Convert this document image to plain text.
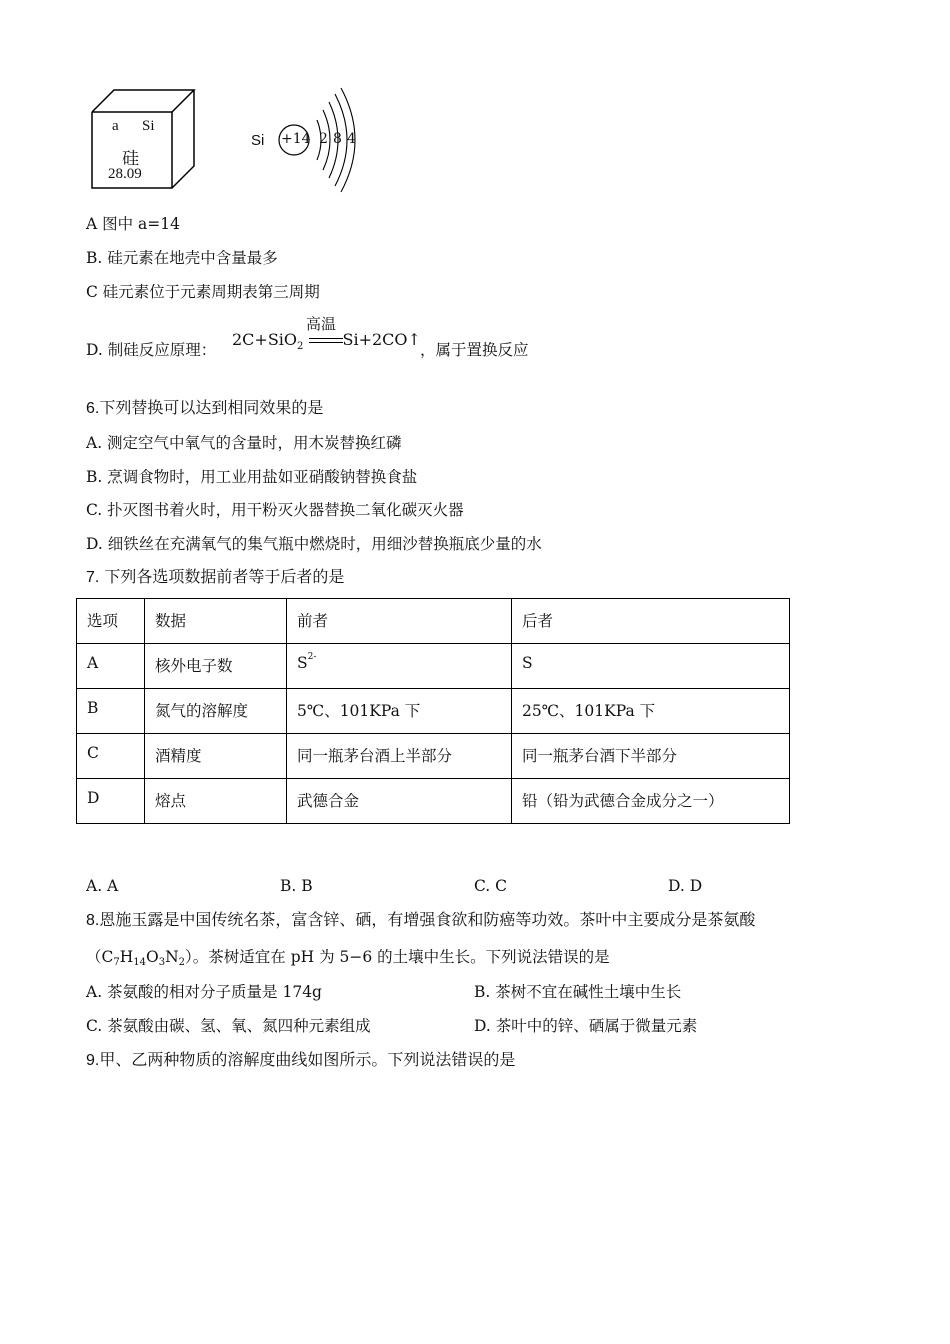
a Si
硅
28.09
Si +14 2 8 4
A 图中 a=14
B. 硅元素在地壳中含量最多
C 硅元素位于元素周期表第三周期
D. 制硅反应原理：
2C+SiO$_2$ Si+2CO↑
高温
，属于置换反应
6.下列替换可以达到相同效果的是
A. 测定空气中氧气的含量时，用木炭替换红磷
B. 烹调食物时，用工业用盐如亚硝酸钠替换食盐
C. 扑灭图书着火时，用干粉灭火器替换二氧化碳灭火器
D. 细铁丝在充满氧气的集气瓶中燃烧时，用细沙替换瓶底少量的水
7. 下列各选项数据前者等于后者的是
选项	数据	前者	后者
A	核外电子数	$S^{2-}$	S
B	氮气的溶解度	5℃、101KPa 下	25℃、101KPa 下
C	酒精度	同一瓶茅台酒上半部分	同一瓶茅台酒下半部分
D	熔点	武德合金	铅（铅为武德合金成分之一）
A. A	B. B	C. C	D. D
8.恩施玉露是中国传统名茶，富含锌、硒，有增强食欲和防癌等功效。茶叶中主要成分是茶氨酸
（C7H14O3N2）。茶树适宜在 pH 为 5−6 的土壤中生长。下列说法错误的是
A. 茶氨酸的相对分子质量是 174g	B. 茶树不宜在碱性土壤中生长
C. 茶氨酸由碳、氢、氧、氮四种元素组成	D. 茶叶中的锌、硒属于微量元素
9.甲、乙两种物质的溶解度曲线如图所示。下列说法错误的是
